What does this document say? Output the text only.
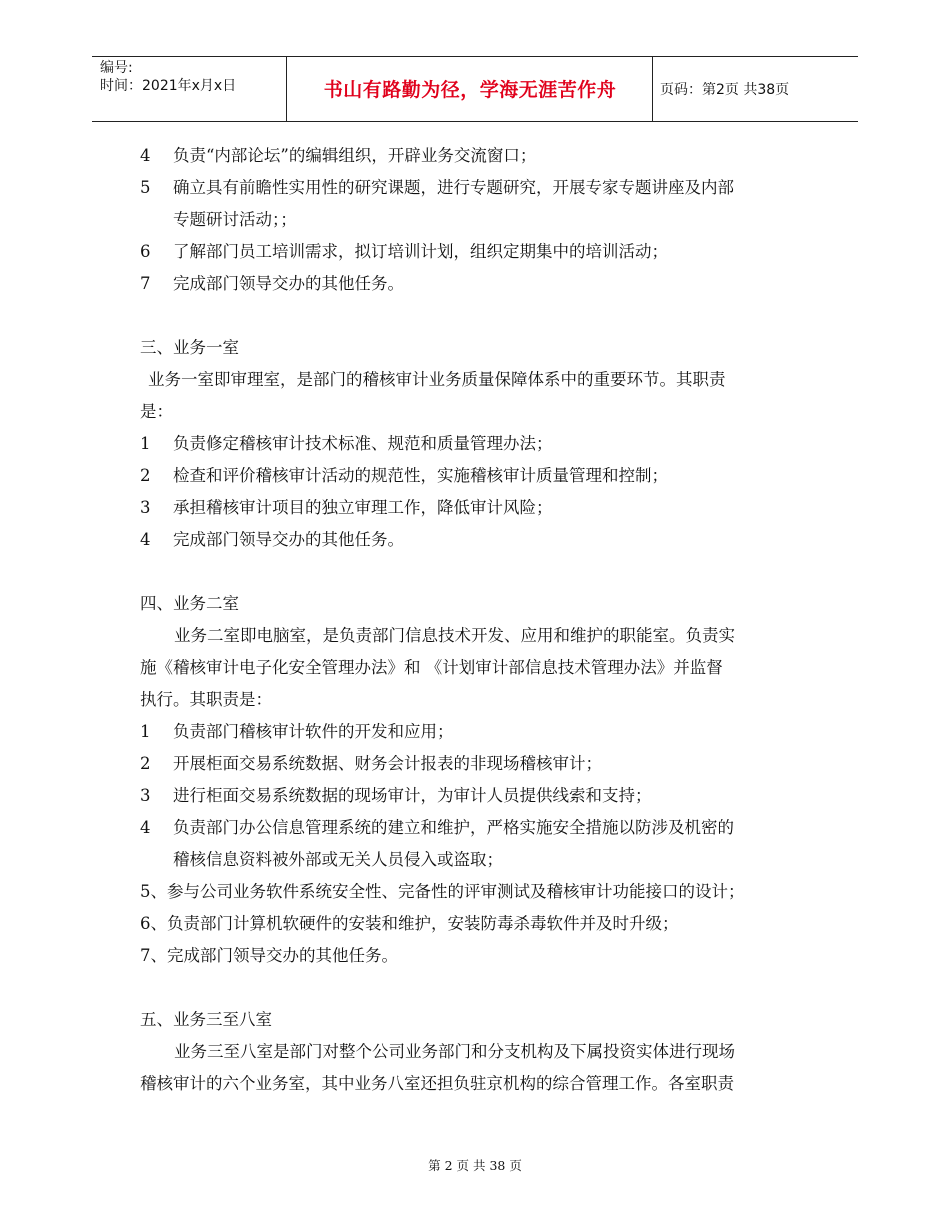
编号:
时间：2021年x月x日	书山有路勤为径，学海无涯苦作舟	页码：第2页 共38页
4 负责“内部论坛”的编辑组织，开辟业务交流窗口；
5 确立具有前瞻性实用性的研究课题，进行专题研究，开展专家专题讲座及内部
专题研讨活动；；
6 了解部门员工培训需求，拟订培训计划，组织定期集中的培训活动；
7 完成部门领导交办的其他任务。
三、业务一室
业务一室即审理室，是部门的稽核审计业务质量保障体系中的重要环节。其职责
是：
1 负责修定稽核审计技术标准、规范和质量管理办法；
2 检查和评价稽核审计活动的规范性，实施稽核审计质量管理和控制；
3 承担稽核审计项目的独立审理工作，降低审计风险；
4 完成部门领导交办的其他任务。
四、业务二室
业务二室即电脑室，是负责部门信息技术开发、应用和维护的职能室。负责实
施《稽核审计电子化安全管理办法》和 《计划审计部信息技术管理办法》并监督
执行。其职责是：
1 负责部门稽核审计软件的开发和应用；
2 开展柜面交易系统数据、财务会计报表的非现场稽核审计；
3 进行柜面交易系统数据的现场审计，为审计人员提供线索和支持；
4 负责部门办公信息管理系统的建立和维护，严格实施安全措施以防涉及机密的
稽核信息资料被外部或无关人员侵入或盗取；
5、参与公司业务软件系统安全性、完备性的评审测试及稽核审计功能接口的设计；
6、负责部门计算机软硬件的安装和维护，安装防毒杀毒软件并及时升级；
7、完成部门领导交办的其他任务。
五、业务三至八室
业务三至八室是部门对整个公司业务部门和分支机构及下属投资实体进行现场
稽核审计的六个业务室，其中业务八室还担负驻京机构的综合管理工作。各室职责
第 2 页 共 38 页
